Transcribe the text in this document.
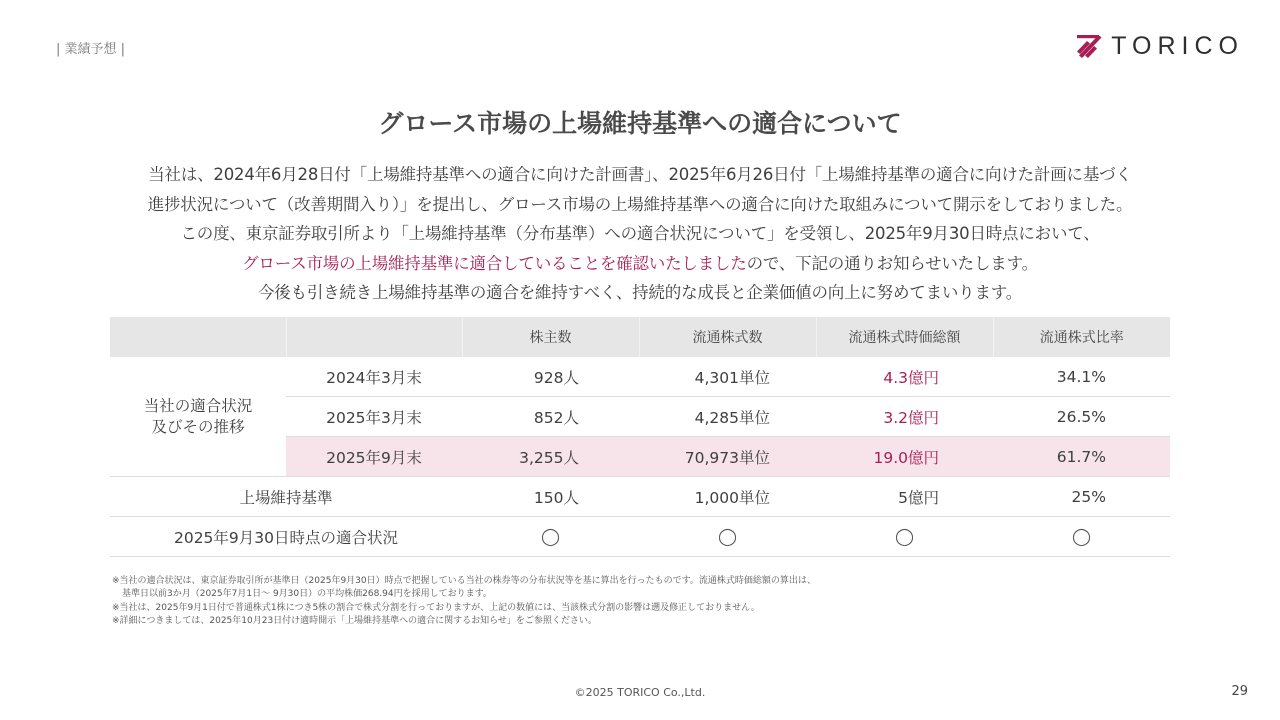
| 業績予想 |	TORICO
グロース市場の上場維持基準への適合について
当社は、2024年6月28日付「上場維持基準への適合に向けた計画書」、2025年6月26日付「上場維持基準の適合に向けた計画に基づく
進捗状況について（改善期間入り）」を提出し、グロース市場の上場維持基準への適合に向けた取組みについて開示をしておりました。
この度、東京証券取引所より「上場維持基準（分布基準）への適合状況について」を受領し、2025年9月30日時点において、
グロース市場の上場維持基準に適合していることを確認いたしましたので、下記の通りお知らせいたします。
今後も引き続き上場維持基準の適合を維持すべく、持続的な成長と企業価値の向上に努めてまいります。
		株主数	流通株式数	流通株式時価総額	流通株式比率
当社の適合状況
及びその推移	2024年3月末	928人	4,301単位	4.3億円	34.1%
	2025年3月末	852人	4,285単位	3.2億円	26.5%
	2025年9月末	3,255人	70,973単位	19.0億円	61.7%
上場維持基準		150人	1,000単位	5億円	25%
2025年9月30日時点の適合状況		◯	◯	◯	◯
※当社の適合状況は、東京証券取引所が基準日（2025年9月30日）時点で把握している当社の株券等の分布状況等を基に算出を行ったものです。流通株式時価総額の算出は、
基準日以前3か月（2025年7月1日～ 9月30日）の平均株価268.94円を採用しております。
※当社は、2025年9月1日付で普通株式1株につき5株の割合で株式分割を行っておりますが、上記の数値には、当該株式分割の影響は遡及修正しておりません。
※詳細につきましては、2025年10月23日付け適時開示「上場維持基準への適合に関するお知らせ」をご参照ください。
©2025 TORICO Co.,Ltd.	29
